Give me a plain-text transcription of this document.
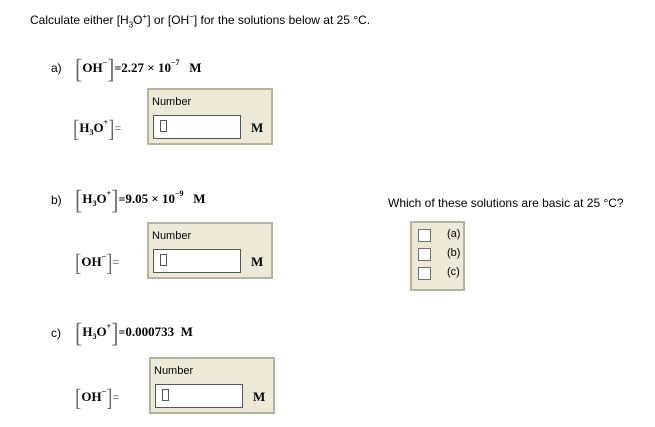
Calculate either $[H_3O^+]$ or [OH−] for the solutions below at 25 °C.
a) $[OH^-]=2.27 \times 10^{-7}$ M
$[H_3O^+]=$
Number
M
b) $[H_3O^+]=9.05 \times 10^{-9}$ M
[OH−]=
Number
M
c) $[H_3O^+]=0.000733$ M
[OH−]=
Number
M
Which of these solutions are basic at 25 °C?
(a)
(b)
(c)
